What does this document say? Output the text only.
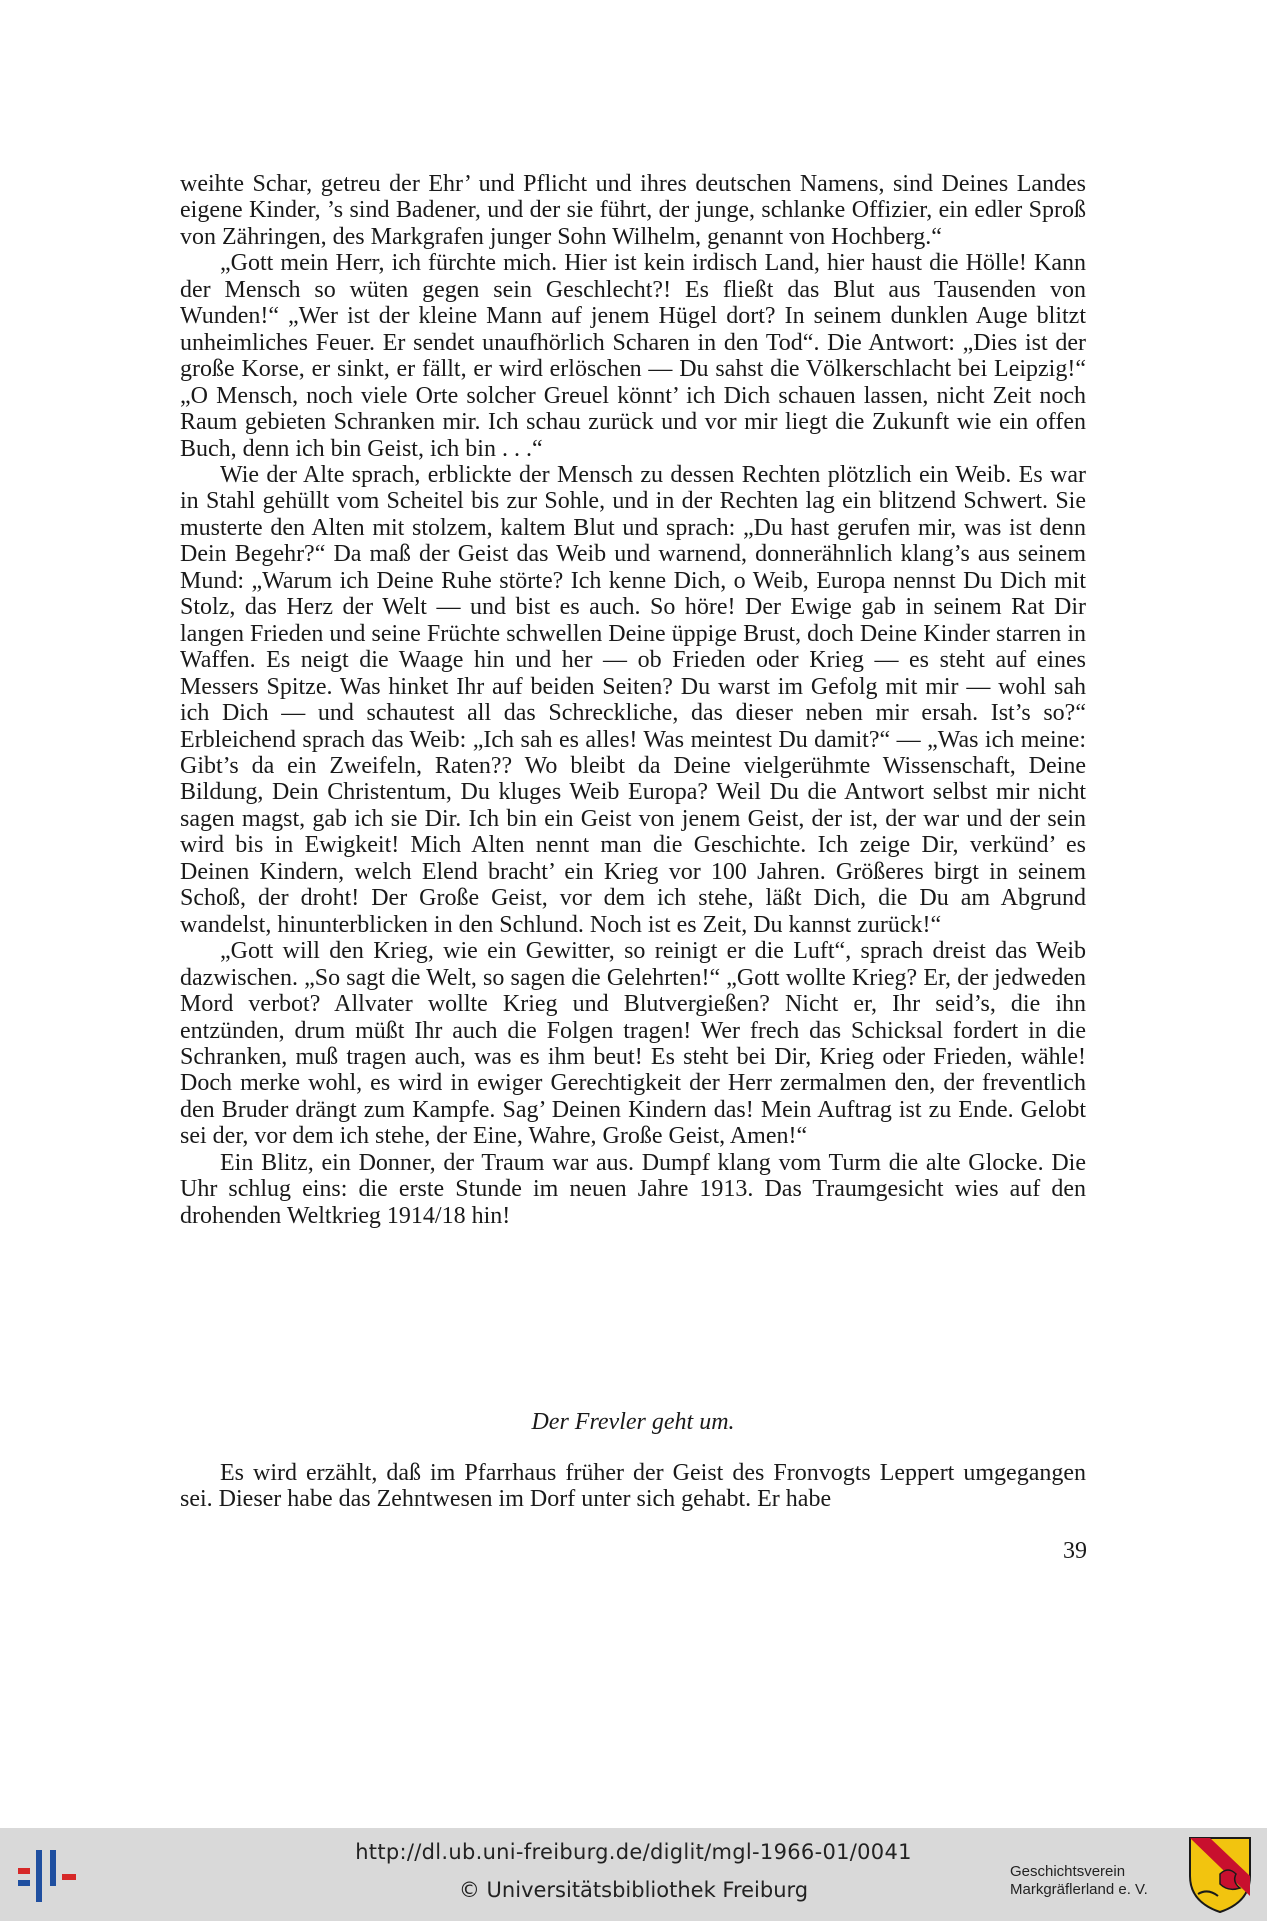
weihte Schar, getreu der Ehr’ und Pflicht und ihres deutschen Namens, sind Deines Landes eigene Kinder, ’s sind Badener, und der sie führt, der junge, schlanke Offizier, ein edler Sproß von Zähringen, des Markgrafen junger Sohn Wilhelm, genannt von Hochberg.“

„Gott mein Herr, ich fürchte mich. Hier ist kein irdisch Land, hier haust die Hölle! Kann der Mensch so wüten gegen sein Geschlecht?! Es fließt das Blut aus Tausenden von Wunden!“ „Wer ist der kleine Mann auf jenem Hügel dort? In seinem dunklen Auge blitzt unheimliches Feuer. Er sendet unaufhörlich Scharen in den Tod“. Die Antwort: „Dies ist der große Korse, er sinkt, er fällt, er wird erlöschen — Du sahst die Völkerschlacht bei Leipzig!“ „O Mensch, noch viele Orte solcher Greuel könnt’ ich Dich schauen lassen, nicht Zeit noch Raum gebieten Schranken mir. Ich schau zurück und vor mir liegt die Zukunft wie ein offen Buch, denn ich bin Geist, ich bin . . .“

Wie der Alte sprach, erblickte der Mensch zu dessen Rechten plötzlich ein Weib. Es war in Stahl gehüllt vom Scheitel bis zur Sohle, und in der Rechten lag ein blitzend Schwert. Sie musterte den Alten mit stolzem, kaltem Blut und sprach: „Du hast gerufen mir, was ist denn Dein Begehr?“ Da maß der Geist das Weib und warnend, donnerähnlich klang’s aus seinem Mund: „Warum ich Deine Ruhe störte? Ich kenne Dich, o Weib, Europa nennst Du Dich mit Stolz, das Herz der Welt — und bist es auch. So höre! Der Ewige gab in seinem Rat Dir langen Frieden und seine Früchte schwellen Deine üppige Brust, doch Deine Kinder starren in Waffen. Es neigt die Waage hin und her — ob Frieden oder Krieg — es steht auf eines Messers Spitze. Was hinket Ihr auf beiden Seiten? Du warst im Gefolg mit mir — wohl sah ich Dich — und schautest all das Schreckliche, das dieser neben mir ersah. Ist’s so?“ Erbleichend sprach das Weib: „Ich sah es alles! Was meintest Du damit?“ — „Was ich meine: Gibt’s da ein Zweifeln, Raten?? Wo bleibt da Deine vielgerühmte Wissenschaft, Deine Bildung, Dein Christentum, Du kluges Weib Europa? Weil Du die Antwort selbst mir nicht sagen magst, gab ich sie Dir. Ich bin ein Geist von jenem Geist, der ist, der war und der sein wird bis in Ewigkeit! Mich Alten nennt man die Geschichte. Ich zeige Dir, verkünd’ es Deinen Kindern, welch Elend bracht’ ein Krieg vor 100 Jahren. Größeres birgt in seinem Schoß, der droht! Der Große Geist, vor dem ich stehe, läßt Dich, die Du am Abgrund wandelst, hinunterblicken in den Schlund. Noch ist es Zeit, Du kannst zurück!“

„Gott will den Krieg, wie ein Gewitter, so reinigt er die Luft“, sprach dreist das Weib dazwischen. „So sagt die Welt, so sagen die Gelehrten!“ „Gott wollte Krieg? Er, der jedweden Mord verbot? Allvater wollte Krieg und Blutvergießen? Nicht er, Ihr seid’s, die ihn entzünden, drum müßt Ihr auch die Folgen tragen! Wer frech das Schicksal fordert in die Schranken, muß tragen auch, was es ihm beut! Es steht bei Dir, Krieg oder Frieden, wähle! Doch merke wohl, es wird in ewiger Gerechtigkeit der Herr zermalmen den, der freventlich den Bruder drängt zum Kampfe. Sag’ Deinen Kindern das! Mein Auftrag ist zu Ende. Gelobt sei der, vor dem ich stehe, der Eine, Wahre, Große Geist, Amen!“

Ein Blitz, ein Donner, der Traum war aus. Dumpf klang vom Turm die alte Glocke. Die Uhr schlug eins: die erste Stunde im neuen Jahre 1913. Das Traumgesicht wies auf den drohenden Weltkrieg 1914/18 hin!

Der Frevler geht um.

Es wird erzählt, daß im Pfarrhaus früher der Geist des Fronvogts Leppert umgegangen sei. Dieser habe das Zehntwesen im Dorf unter sich gehabt. Er habe

39
http://dl.ub.uni-freiburg.de/diglit/mgl-1966-01/0041
© Universitätsbibliothek Freiburg
Geschichtsverein
Markgräflerland e. V.
